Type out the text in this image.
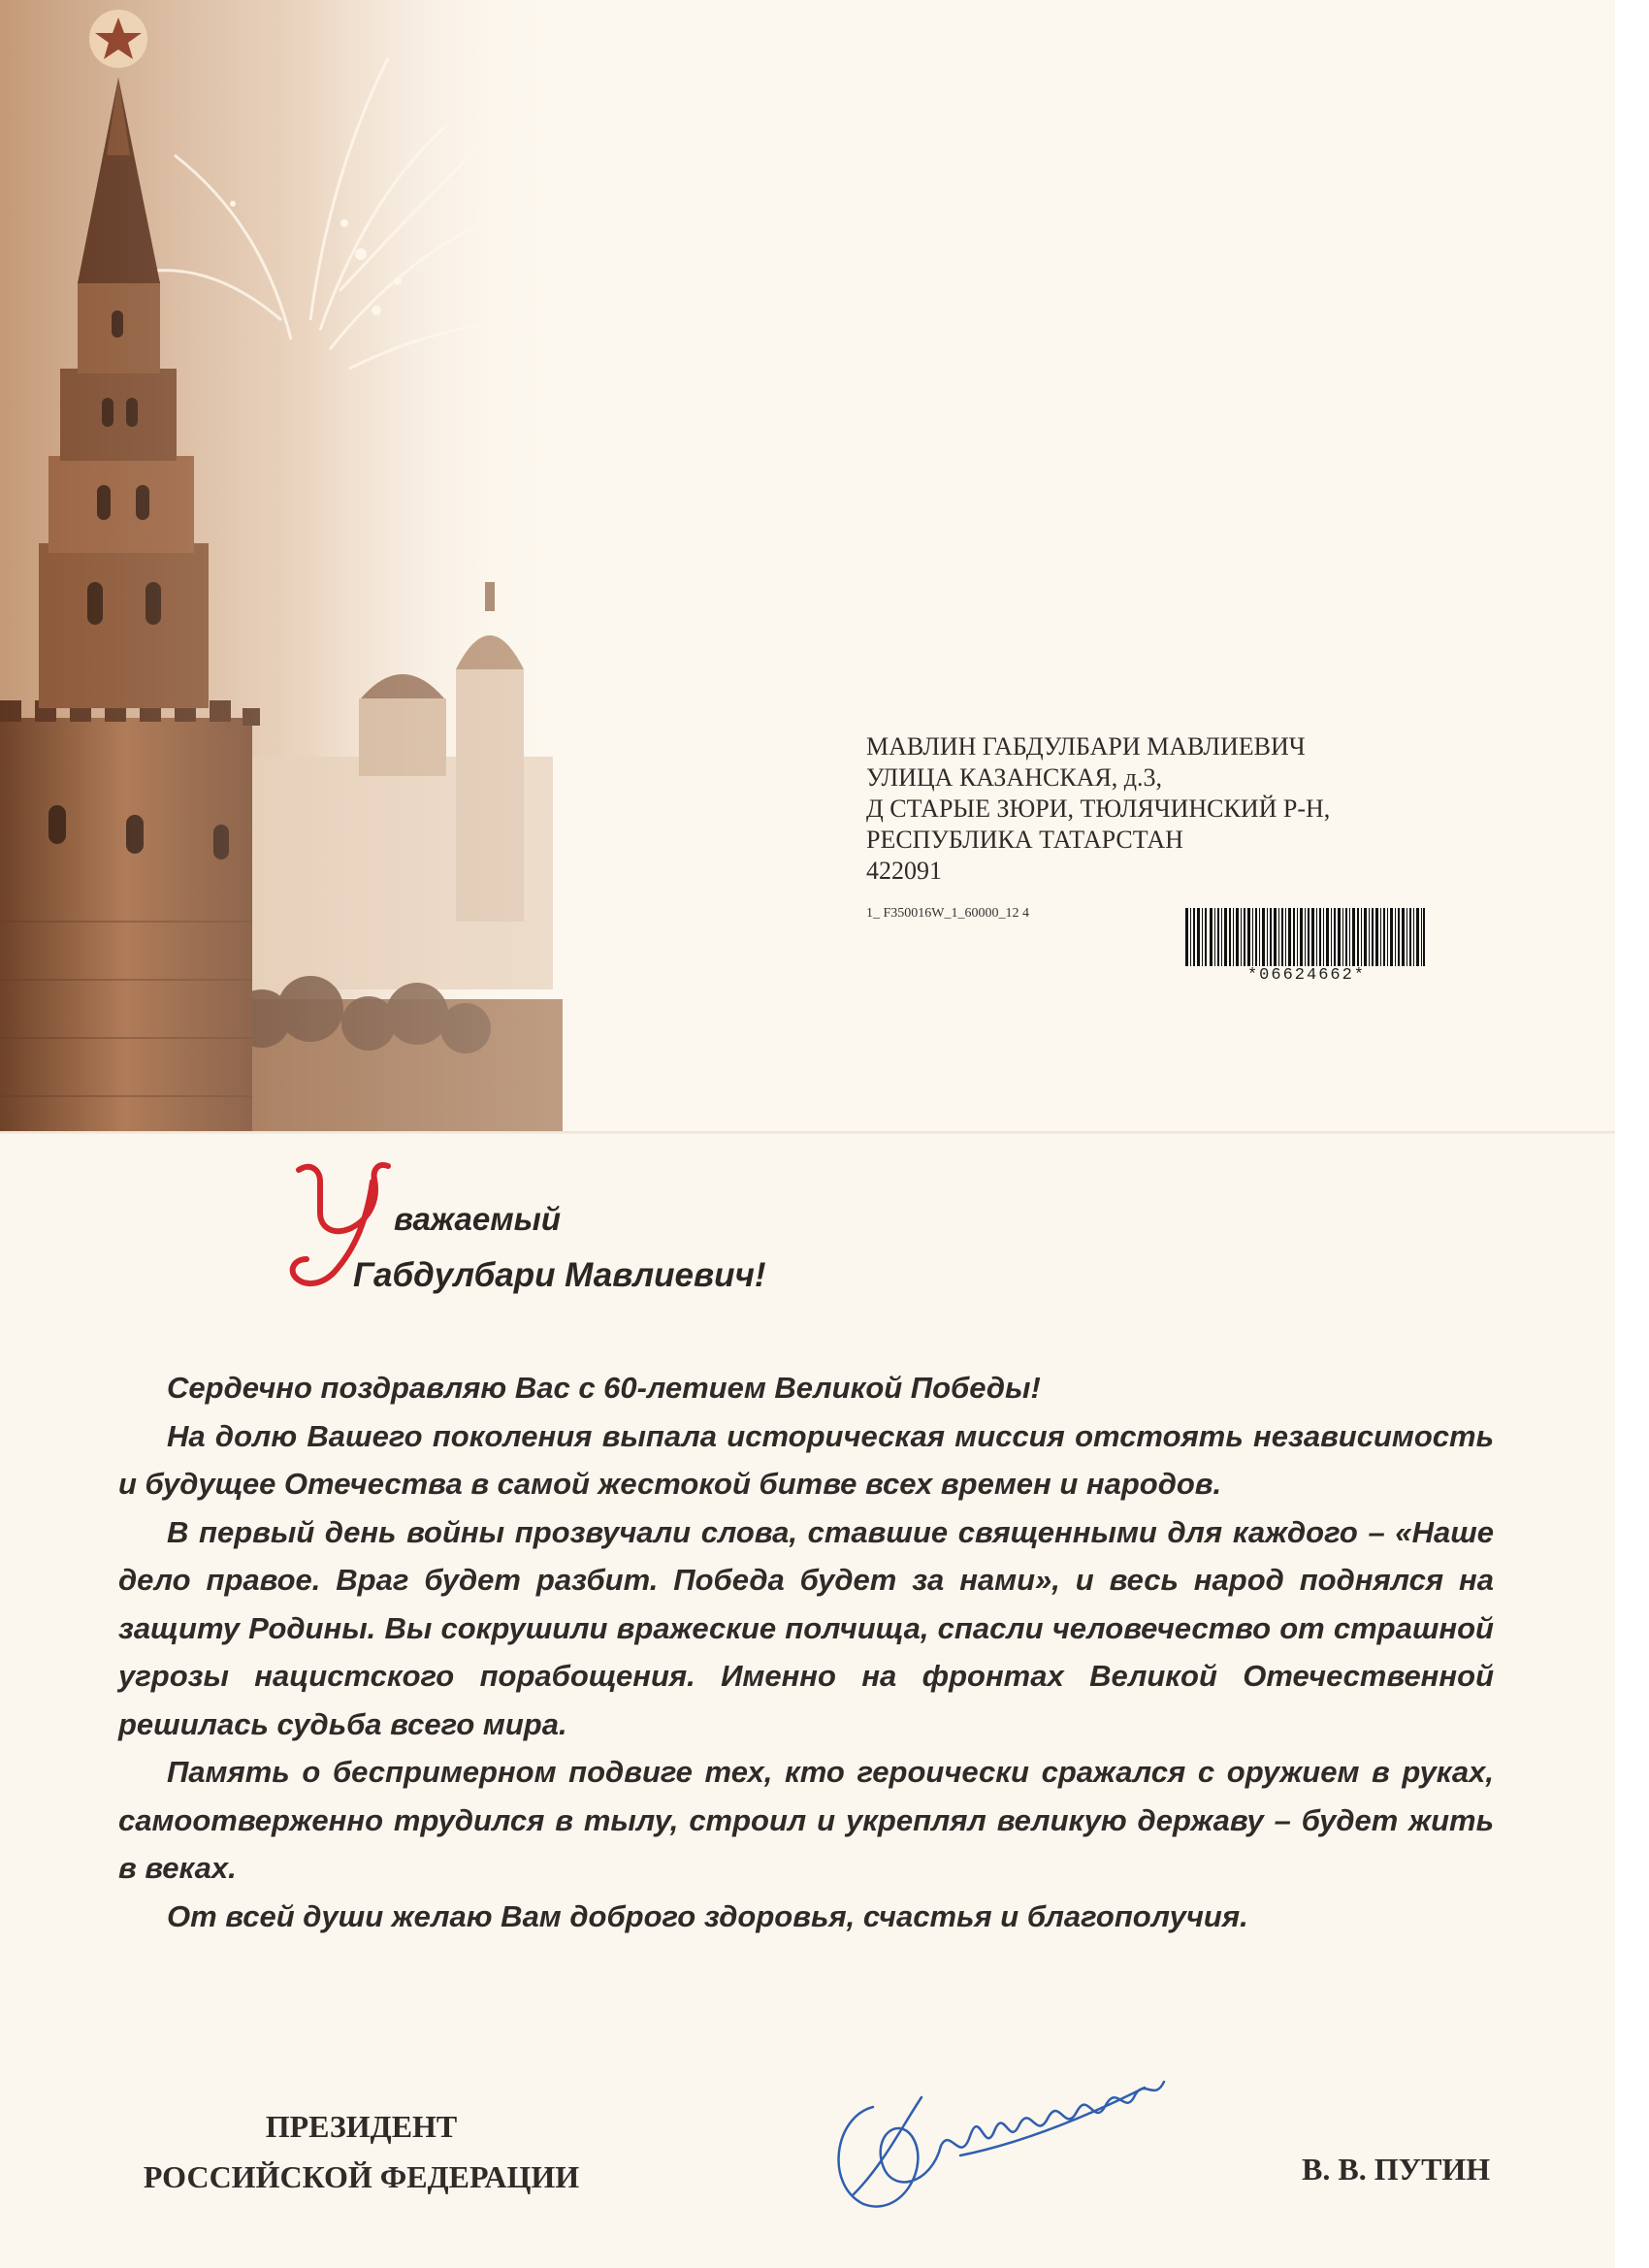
МАВЛИН ГАБДУЛБАРИ МАВЛИЕВИЧ
УЛИЦА КАЗАНСКАЯ, д.3,
Д СТАРЫЕ ЗЮРИ, ТЮЛЯЧИНСКИЙ Р-Н,
РЕСПУБЛИКА ТАТАРСТАН
422091
1_ F350016W_1_60000_12 4
*06624662*
важаемый
Габдулбари Мавлиевич!

Сердечно поздравляю Вас с 60-летием Великой Победы!

На долю Вашего поколения выпала историческая миссия отстоять независимость и будущее Отечества в самой жестокой битве всех времен и народов.

В первый день войны прозвучали слова, ставшие священными для каждого – «Наше дело правое. Враг будет разбит. Победа будет за нами», и весь народ поднялся на защиту Родины. Вы сокрушили вражеские полчища, спасли человечество от страшной угрозы нацистского порабощения. Именно на фронтах Великой Отечественной решилась судьба всего мира.

Память о беспримерном подвиге тех, кто героически сражался с оружием в руках, самоотверженно трудился в тылу, строил и укреплял великую державу – будет жить в веках.

От всей души желаю Вам доброго здоровья, счастья и благополучия.

ПРЕЗИДЕНТ
РОССИЙСКОЙ ФЕДЕРАЦИИ	В. В. ПУТИН
